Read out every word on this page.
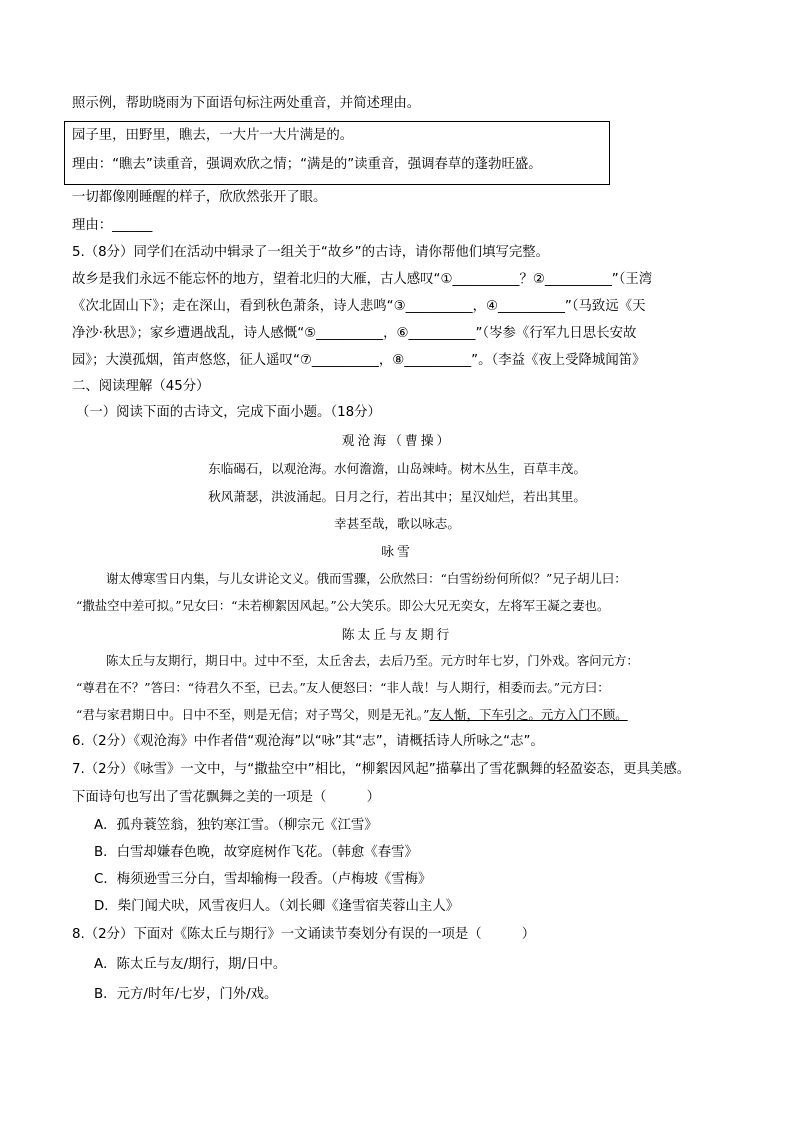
照示例，帮助晓雨为下面语句标注两处重音，并简述理由。
园子里，田野里，瞧去，一大片一大片满是的。
理由：“瞧去”读重音，强调欢欣之情；“满是的”读重音，强调春草的蓬勃旺盛。
一切都像刚睡醒的样子，欣欣然张开了眼。
理由：______
5.（8分）同学们在活动中辑录了一组关于“故乡”的古诗，请你帮他们填写完整。
故乡是我们永远不能忘怀的地方，望着北归的大雁，古人感叹“①__________？②__________”（王湾
《次北固山下》；走在深山，看到秋色萧条，诗人悲鸣“③__________，④__________”（马致远《天
净沙·秋思》；家乡遭遇战乱，诗人感慨“⑤__________，⑥__________”（岑参《行军九日思长安故
园》；大漠孤烟，笛声悠悠，征人遥叹“⑦__________，⑧__________”。（李益《夜上受降城闻笛》
二、阅读理解（45分）
（一）阅读下面的古诗文，完成下面小题。（18分）
观沧海（曹操）
东临碣石，以观沧海。水何澹澹，山岛竦峙。树木丛生，百草丰茂。
秋风萧瑟，洪波涌起。日月之行，若出其中；星汉灿烂，若出其里。
幸甚至哉，歌以咏志。
咏雪
谢太傅寒雪日内集，与儿女讲论文义。俄而雪骤，公欣然曰：“白雪纷纷何所似？”兄子胡儿曰：
“撒盐空中差可拟。”兄女曰：“未若柳絮因风起。”公大笑乐。即公大兄无奕女，左将军王凝之妻也。
陈太丘与友期行
陈太丘与友期行，期日中。过中不至，太丘舍去，去后乃至。元方时年七岁，门外戏。客问元方：
“尊君在不？”答曰：“待君久不至，已去。”友人便怒曰：“非人哉！与人期行，相委而去。”元方曰：
“君与家君期日中。日中不至，则是无信；对子骂父，则是无礼。”友人惭，下车引之。元方入门不顾。
6.（2分）《观沧海》中作者借“观沧海”以“咏”其“志”，请概括诗人所咏之“志”。
7.（2分）《咏雪》一文中，与“撒盐空中”相比，“柳絮因风起”描摹出了雪花飘舞的轻盈姿态，更具美感。
下面诗句也写出了雪花飘舞之美的一项是（　　　）
A．孤舟蓑笠翁，独钓寒江雪。（柳宗元《江雪》
B．白雪却嫌春色晚，故穿庭树作飞花。（韩愈《春雪》
C．梅须逊雪三分白，雪却输梅一段香。（卢梅坡《雪梅》
D．柴门闻犬吠，风雪夜归人。（刘长卿《逢雪宿芙蓉山主人》
8.（2分）下面对《陈太丘与期行》一文诵读节奏划分有误的一项是（　　　）
A．陈太丘与友/期行，期/日中。
B．元方/时年/七岁，门外/戏。
